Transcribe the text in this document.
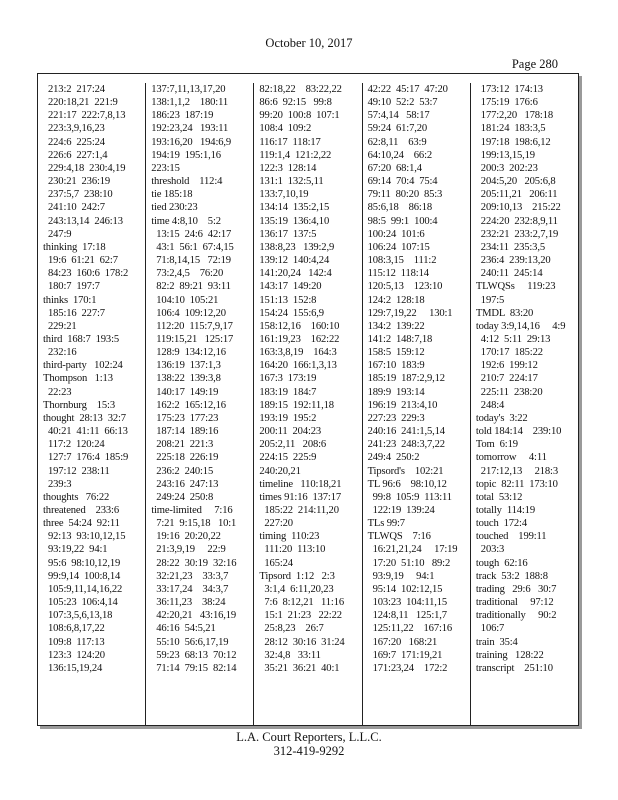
October 10, 2017
Page 280
213:2  217:24
220:18,21  221:9
221:17  222:7,8,13
223:3,9,16,23
224:6  225:24
226:6  227:1,4
229:4,18  230:4,19
230:21  236:19
237:5,7  238:10
241:10  242:7
243:13,14  246:13
247:9
thinking  17:18
19:6  61:21  62:7
84:23  160:6  178:2
180:7  197:7
thinks  170:1
185:16  227:7
229:21
third  168:7  193:5
232:16
third-party   102:24
Thompson   1:13
22:23
Thornburg    15:3
thought  28:13  32:7
40:21  41:11  66:13
117:2  120:24
127:7  176:4  185:9
197:12  238:11
239:3
thoughts   76:22
threatened    233:6
three  54:24  92:11
92:13  93:10,12,15
93:19,22  94:1
95:6  98:10,12,19
99:9,14  100:8,14
105:9,11,14,16,22
105:23  106:4,14
107:3,5,6,13,18
108:6,8,17,22
109:8  117:13
123:3  124:20
136:15,19,24
137:7,11,13,17,20
138:1,1,2    180:11
186:23  187:19
192:23,24   193:11
193:16,20   194:6,9
194:19  195:1,16
223:15
threshold    112:4
tie 185:18
tied 230:23
time 4:8,10    5:2
13:15  24:6  42:17
43:1  56:1  67:4,15
71:8,14,15   72:19
73:2,4,5    76:20
82:2  89:21  93:11
104:10  105:21
106:4  109:12,20
112:20  115:7,9,17
119:15,21   125:17
128:9  134:12,16
136:19  137:1,3
138:22  139:3,8
140:17  149:19
162:2  165:12,16
175:23  177:23
187:14  189:16
208:21  221:3
225:18  226:19
236:2  240:15
243:16  247:13
249:24  250:8
time-limited     7:16
7:21  9:15,18   10:1
19:16  20:20,22
21:3,9,19     22:9
28:22  30:19  32:16
32:21,23    33:3,7
33:17,24    34:3,7
36:11,23    38:24
42:20,21   43:16,19
46:16  54:5,21
55:10  56:6,17,19
59:23  68:13  70:12
71:14  79:15  82:14
82:18,22    83:22,22
86:6  92:15   99:8
99:20  100:8  107:1
108:4  109:2
116:17  118:17
119:1,4  121:2,22
122:3  128:14
131:1  132:5,11
133:7,10,19
134:14  135:2,15
135:19  136:4,10
136:17  137:5
138:8,23   139:2,9
139:12  140:4,24
141:20,24   142:4
143:17  149:20
151:13  152:8
154:24  155:6,9
158:12,16    160:10
161:19,23    162:22
163:3,8,19    164:3
164:20  166:1,3,13
167:3  173:19
183:19  184:7
189:15  192:11,18
193:19  195:2
200:11  204:23
205:2,11   208:6
224:15  225:9
240:20,21
timeline   110:18,21
times 91:16  137:17
185:22  214:11,20
227:20
timing  110:23
111:20  113:10
165:24
Tipsord  1:12   2:3
3:1,4  6:11,20,23
7:6  8:12,21   11:16
15:1  21:23   22:22
25:8,23    26:7
28:12  30:16  31:24
32:4,8   33:11
35:21  36:21  40:1
42:22  45:17  47:20
49:10  52:2  53:7
57:4,14   58:17
59:24  61:7,20
62:8,11    63:9
64:10,24    66:2
67:20  68:1,4
69:14  70:4  75:4
79:11  80:20  85:3
85:6,18    86:18
98:5  99:1  100:4
100:24  101:6
106:24  107:15
108:3,15    111:2
115:12  118:14
120:5,13    123:10
124:2  128:18
129:7,19,22     130:1
134:2  139:22
141:2  148:7,18
158:5  159:12
167:10  183:9
185:19  187:2,9,12
189:9  193:14
196:19  213:4,10
227:23  229:3
240:16  241:1,5,14
241:23  248:3,7,22
249:4  250:2
Tipsord's    102:21
TL 96:6    98:10,12
99:8  105:9  113:11
122:19  139:24
TLs 99:7
TLWQS    7:16
16:21,21,24     17:19
17:20  51:10   89:2
93:9,19     94:1
95:14  102:12,15
103:23  104:11,15
124:8,11   125:1,7
125:11,22    167:16
167:20   168:21
169:7  171:19,21
171:23,24    172:2
173:12  174:13
175:19  176:6
177:2,20   178:18
181:24  183:3,5
197:18  198:6,12
199:13,15,19
200:3  202:23
204:5,20   205:6,8
205:11,21   206:11
209:10,13    215:22
224:20  232:8,9,11
232:21  233:2,7,19
234:11  235:3,5
236:4  239:13,20
240:11  245:14
TLWQSs     119:23
197:5
TMDL  83:20
today 3:9,14,16     4:9
4:12  5:11  29:13
170:17  185:22
192:6  199:12
210:7  224:17
225:11  238:20
248:4
today's  3:22
told 184:14    239:10
Tom  6:19
tomorrow     4:11
217:12,13     218:3
topic  82:11  173:10
total  53:12
totally  114:19
touch  172:4
touched    199:11
203:3
tough  62:16
track  53:2  188:8
trading   29:6   30:7
traditional     97:12
traditionally     90:2
106:7
train  35:4
training   128:22
transcript    251:10
L.A. Court Reporters, L.L.C.
312-419-9292
